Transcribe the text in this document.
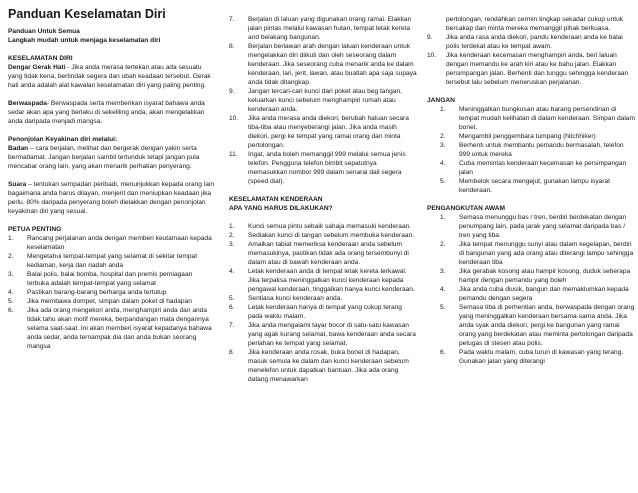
Panduan Keselamatan Diri
Panduan Untuk Semua
Langkah mudah untuk menjaga keselamatan diri
KESELAMATAN DIRI
Dengar Gerak Hati - Jika anda merasa tertekan atau ada sesuatu yang tidak kena, bertindak segera dan ubah keadaan tersebut. Gerak hati anda adalah alat kawalan keselamatan diri yang paling penting.
Berwaspada- Berwaspada serta memberikan isyarat bahawa anda sedar akan apa yang berlaku di sekeliling anda, akan mengelakkan anda daripada menjadi mangsa.
Penonjolan Keyakinan diri melalui:
Badan – cara berjalan, melihat dan bergerak dengan yakin serta bermatlamat. Jangan berjalan sambil tertunduk tetapi jangan pula mencabar orang lain, yang akan menarik perhatian penyerang.
Suara – tentukan sempadan peribadi, menunjukkan kepada orang lain bagaimana anda harus dilayan, menjerit dan meniupkan keadaan jika perlu. 80% daripada penyerang boleh dielakkan dengan penonjolan keyakinan diri yang sesuai.
PETUA PENTING
1. Rancang perjalanan anda dengan memberi keutamaan kepada keselamatan
2. Mengetahui tempat-tempat yang selamat di sekitar tempat kediaman, kerja dan riadah anda
3. Balai polis, balai bomba, hospital dan premis perniagaan terbuka adalah tempat-tempat yang selamat
4. Pastikan barang-barang berharga anda tertutup
5. Jika membawa dompet, simpan dalam poket di hadapan
6. Jika ada orang mengekori anda, menghampiri anda dan anda tidak tahu akan motif mereka, berpandangan mata dengannya selama saat-saat. Ini akan memberi isyarat kepadanya bahawa anda sedar, anda ternampak dia dan anda bukan seorang mangsa
7. Berjalan di laluan yang digunakan orang ramai. Elakkan jalan pintas melalui kawasan hutan, tempat letak kereta and belakang bangunan.
8. Berjalan berlawan arah dengan laluan kenderaan untuk mengelakkan diri diikuti dan oleh seseorang dalam kenderaan. Jika seseorang cuba menarik anda ke dalam kenderaan, lari, jerit, lawan, atau buatlah apa saja supaya anda tidak ditangkap.
9. Jangan tercari-cari kunci dari poket atau beg tangan, keluarkan kunci sebelum menghampiri rumah atau kenderaan anda.
10. Jika anda merasa anda diekori, berubah haluan secara tiba-tiba atau menyeberangi jalan. Jika anda masih diekori, pergi ke tempat yang ramai orang dan minta pertolongan.
11. Ingat, anda boleh memanggil 999 melalui semua jenis telefon. Pengguna telefon bimbit sepatutnya memasukkan nombor 999 dalam senarai dail segera (speed dial).
KESELAMATAN KENDERAAN
APA YANG HARUS DILAKUKAN?
1. Kunci semua pintu sebaik sahaja memasuki kenderaan.
2. Sediakan kunci di tangan sebelum membuka kenderaan.
3. Amalkan tabiat memeriksa kenderaan anda sebelum memasukinya, pastikan tidak ada orang tersembunyi di dalam atau di bawah kenderaan anda.
4. Letak kenderaan anda di tempat letak kereta terkawal. Jika terpaksa meninggalkan kunci kenderaan kepada pengawal kenderaan, tinggalkan hanya kunci kenderaan.
5. Sentiasa kunci kenderaan anda.
6. Letak kenderaan hanya di tempat yang cukup terang pada waktu malam.
7. Jika anda mengalami tayar bocor di satu-satu kawasan yang agak kurang selamat, bawa kenderaan anda secara perlahan ke tempat yang selamat.
8. Jika kenderaan anda rosak, buka bonet di hadapan, masuk semula ke dalam dan kunci kenderaan sebelum menelefon untuk dapatkan bantuan. Jika ada orang datang menawarkan
pertolongan, rendahkan cermin tingkap sekadar cukup untuk bercakap dan minta mereka memanggil pihak berkuasa.
9. Jika anda rasa anda diekori, pandu kenderaan anda ke balai polis terdekat atau ke tempat awam.
10. Jika kenderaan kecemasan menghampiri anda, beri laluan dengan memandu ke arah kiri atau ke bahu jalan. Elakkan persimpangan jalan. Berhenti dan tunggu sehingga kenderaan tersebut lalu sebelum meneruskan perjalanan.
JANGAN
1. Meninggalkan bungkusan atau barang persendirian di tempat mudah kelihatan di dalam kenderaan. Simpan dalam bonet.
2. Mengambil penggembara tumpang (hitchhiker)
3. Berhenti untuk membantu pemandu bermasalah, telefon 999 untuk mereka
4. Cuba memintas kenderaan kecemasan ke persimpangan jalan
5. Membelok secara mengejut, gunakan lampu isyarat kenderaan.
PENGANGKUTAN AWAM
1. Semasa menunggu bas / tren, berdiri berdekatan dengan penumpang lain, pada jarak yang selamat daripada bas / tren yang tiba.
2. Jika tempat menunggu sunyi atau dalam kegelapan, berdiri di bangunan yang ada orang atau diterangi lampu sehingga kenderaan tiba
3. Jika gerabak kosong atau hampir kosong, duduk seberapa hampir dengan pemandu yang boleh
4. Jika anda cuba diusik, bangun dan memaklumkan kepada pemandu dengan segera
5. Semasa tiba di perhentian anda, berwaspada dengan orang yang meninggalkan kenderaan bersama-sama anda. Jika anda syak anda diekori, pergi ke bangunan yang ramai orang yang berdekatan atau meminta pertolongan daripada petugas di stesen atau polis.
6. Pada waktu malam, cuba turun di kawasan yang terang. Gunakan jalan yang diterangi
